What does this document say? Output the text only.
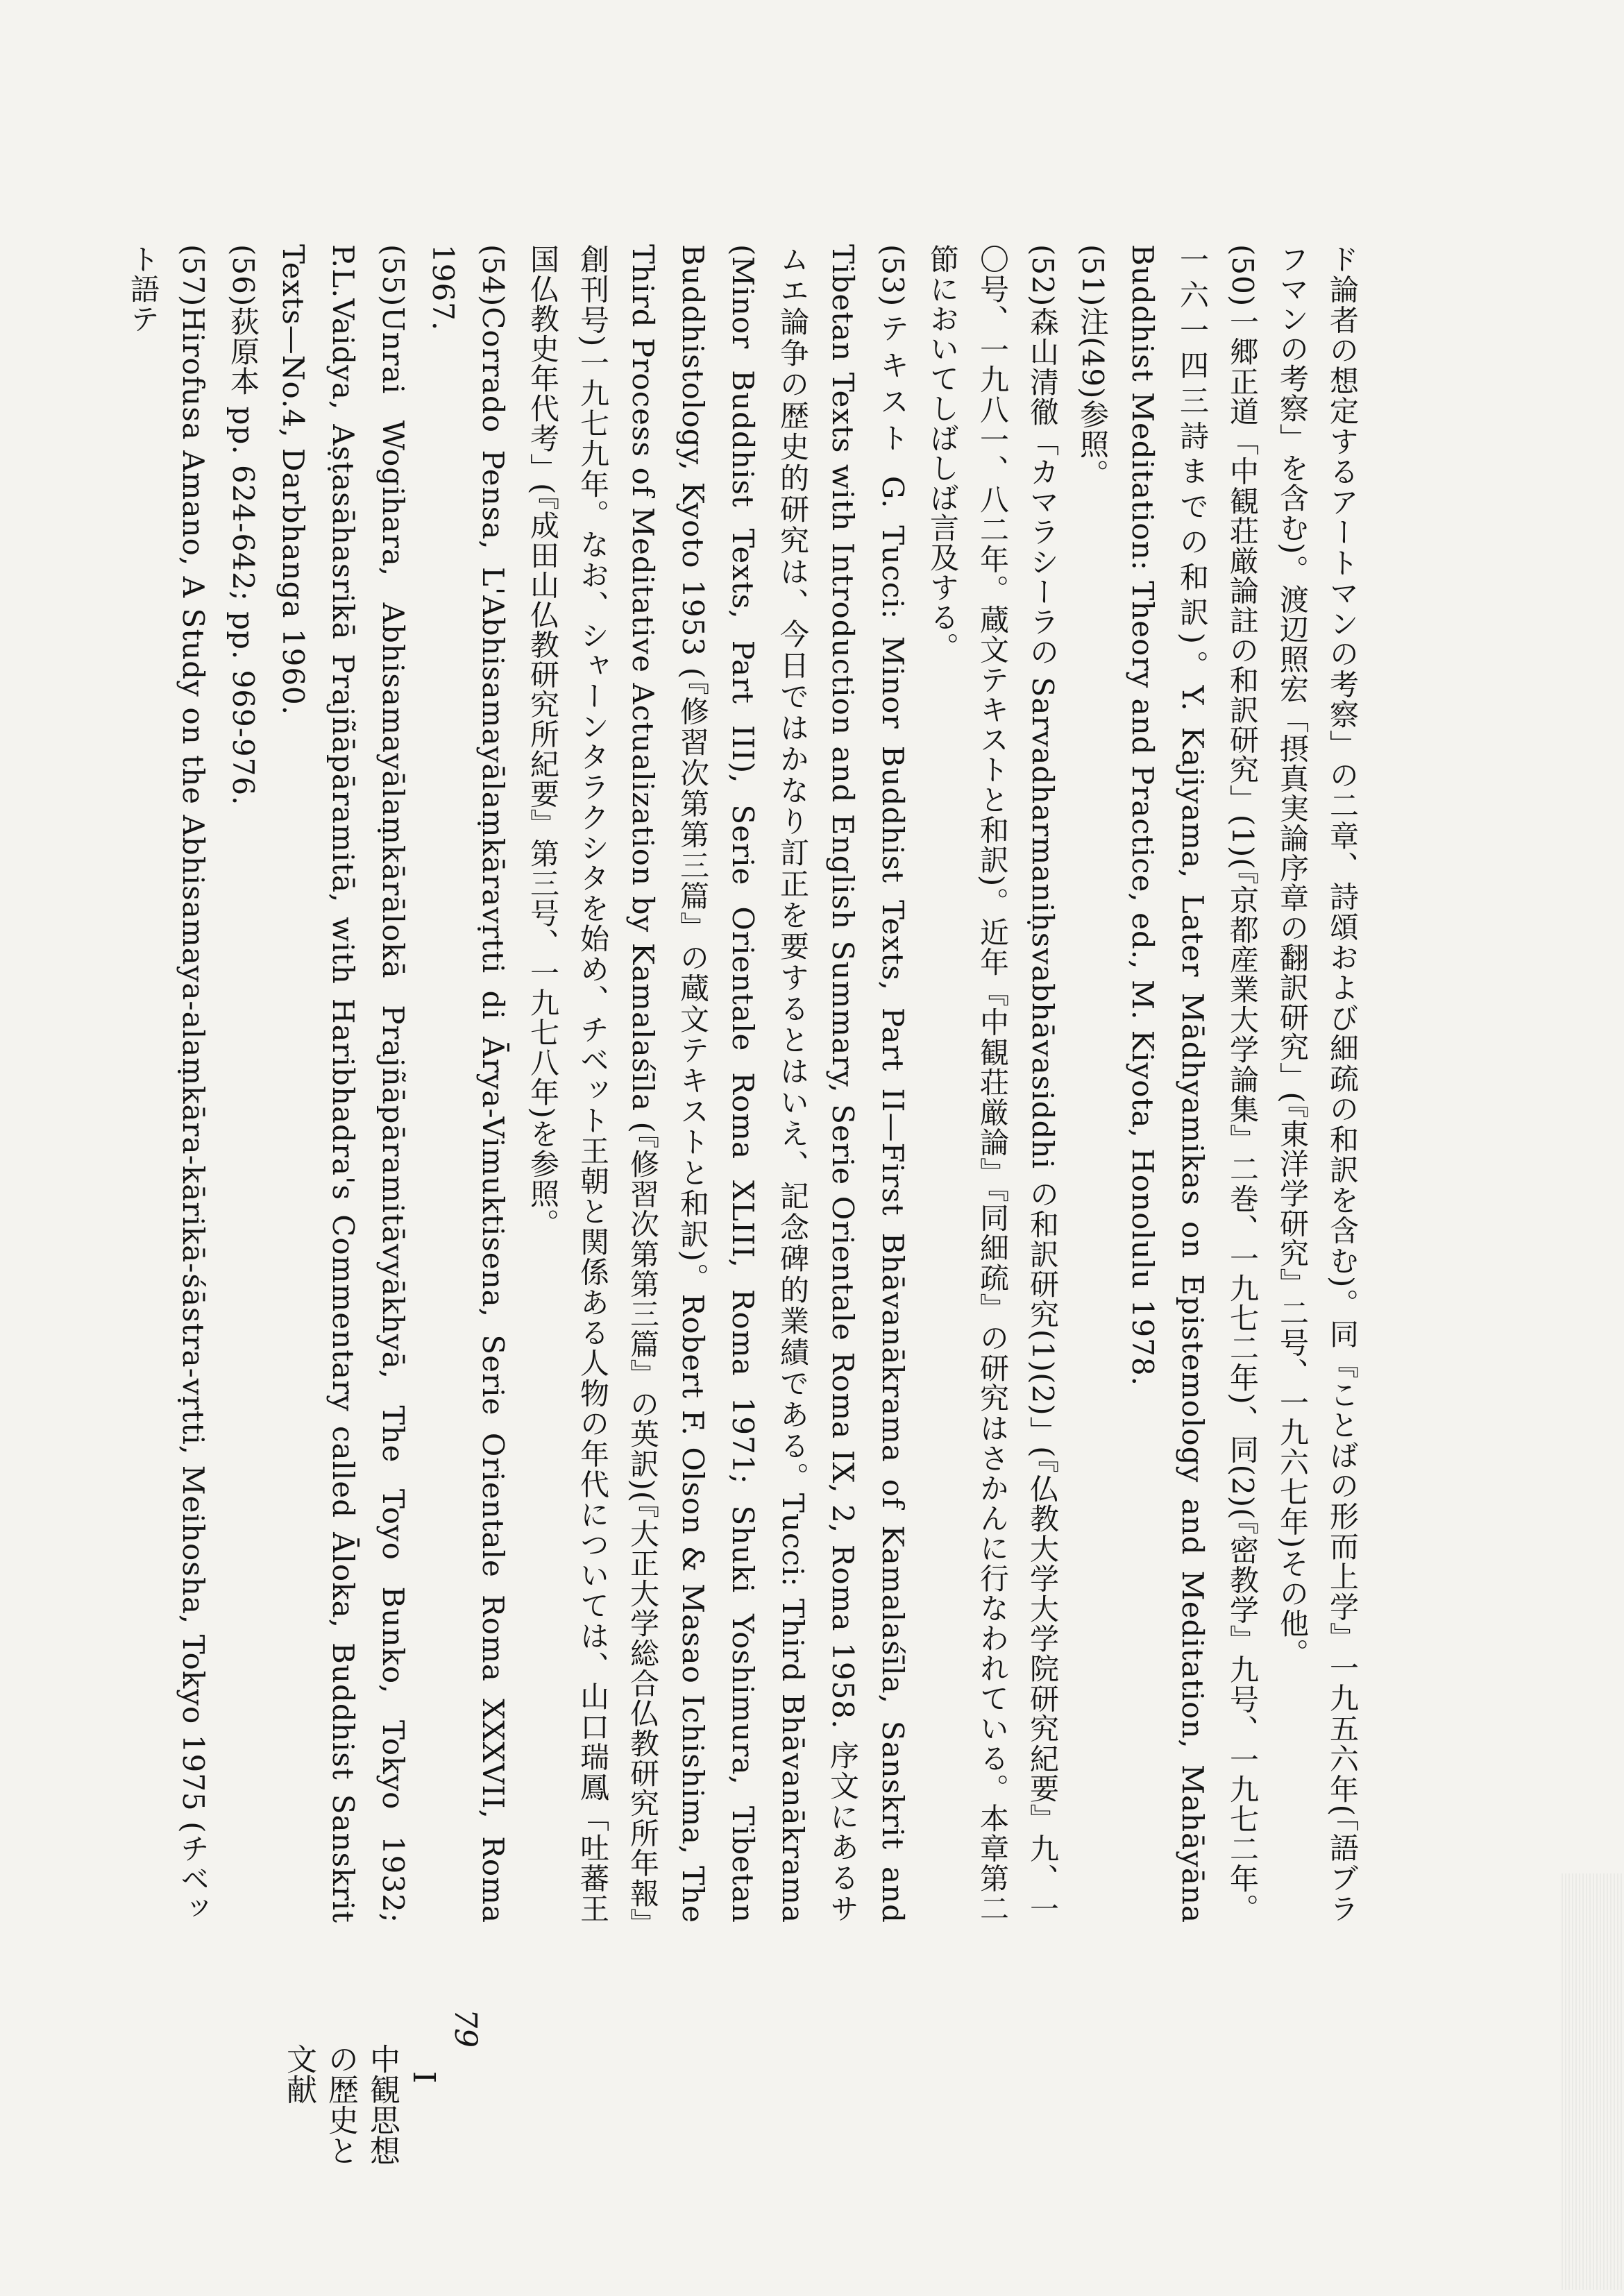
ド論者の想定するアートマンの考察」の二章、詩頌および細疏の和訳を含む)。同『ことばの形而上学』一九五六年(「語ブラフマンの考察」を含む)。渡辺照宏「摂真実論序章の翻訳研究」(『東洋学研究』二号、一九六七年)その他。

(50)一郷正道「中観荘厳論註の和訳研究」(1)(『京都産業大学論集』二巻、一九七二年)、同(2)(『密教学』九号、一九七二年。一六一四三詩までの和訳)。Y. Kajiyama, Later Mādhyamikas on Epistemology and Meditation, Mahāyāna Buddhist Meditation: Theory and Practice, ed., M. Kiyota, Honolulu 1978.

(51)注(49)参照。

(52)森山清徹「カマラシーラの Sarvadharmaniḥsvabhāvasiddhi の和訳研究(1)(2)」(『仏教大学大学院研究紀要』九、一〇号、一九八一、八二年。蔵文テキストと和訳)。近年『中観荘厳論』『同細疏』の研究はさかんに行なわれている。本章第二節においてしばしば言及する。

(53)テキスト G. Tucci: Minor Buddhist Texts, Part II—First Bhāvanākrama of Kamalaśīla, Sanskrit and Tibetan Texts with Introduction and English Summary, Serie Orientale Roma IX, 2, Roma 1958. 序文にあるサムエ論争の歴史的研究は、今日ではかなり訂正を要するとはいえ、記念碑的業績である。Tucci: Third Bhāvanākrama (Minor Buddhist Texts, Part III), Serie Orientale Roma XLIII, Roma 1971; Shuki Yoshimura, Tibetan Buddhistology, Kyoto 1953 (『修習次第第三篇』の蔵文テキストと和訳)。Robert F. Olson & Masao Ichishima, The Third Process of Meditative Actualization by Kamalaśīla (『修習次第第三篇』の英訳)(『大正大学総合仏教研究所年報』創刊号)一九七九年。なお、シャーンタラクシタを始め、チベット王朝と関係ある人物の年代については、山口瑞鳳「吐蕃王国仏教史年代考」(『成田山仏教研究所紀要』第三号、一九七八年)を参照。

(54)Corrado Pensa, L'Abhisamayālaṃkāravṛtti di Ārya-Vimuktisena, Serie Orientale Roma XXXVII, Roma 1967.

(55)Unrai Wogihara, Abhisamayālaṃkārālokā Prajñāpāramitāvyākhyā, The Toyo Bunko, Tokyo 1932; P.L.Vaidya, Aṣṭasāhasrikā Prajñāpāramitā, with Haribhadra's Commentary called Āloka, Buddhist Sanskrit Texts—No.4, Darbhanga 1960.

(56)荻原本 pp. 624-642; pp. 969-976.

(57)Hirofusa Amano, A Study on the Abhisamaya-alaṃkāra-kārikā-śāstra-vṛtti, Meihosha, Tokyo 1975 (チベット語テ

79
I
中観思想の歴史と文献
